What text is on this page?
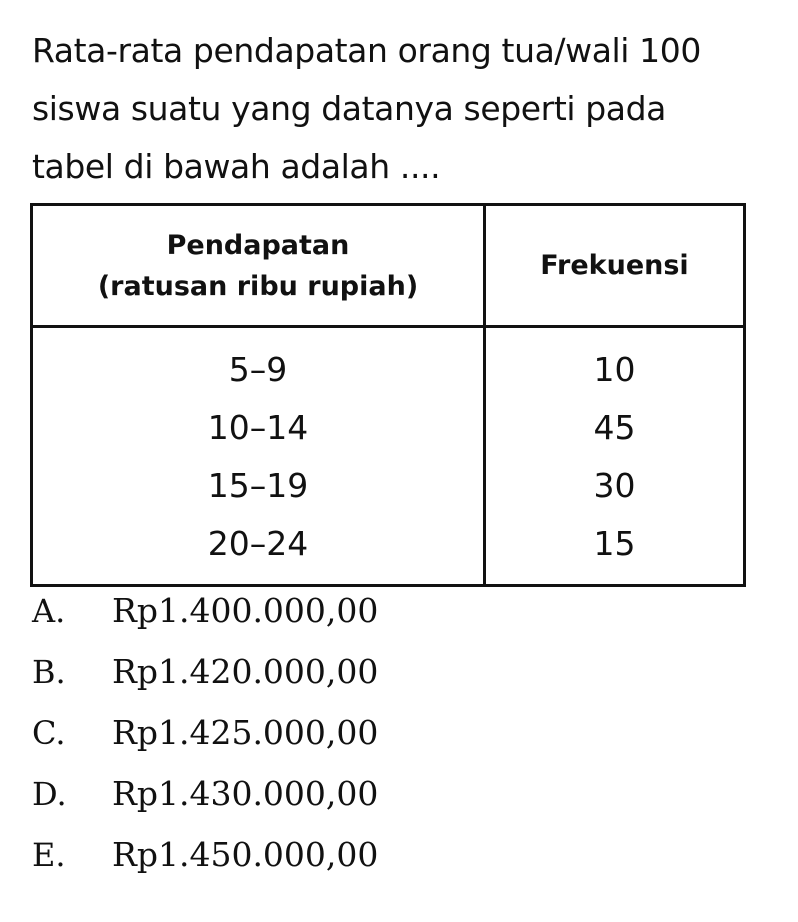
Rata-rata pendapatan orang tua/wali 100
siswa suatu yang datanya seperti pada
tabel di bawah adalah ....
Pendapatan
(ratusan ribu rupiah)	Frekuensi
5–9	10
10–14	45
15–19	30
20–24	15
A.	Rp1.400.000,00
B.	Rp1.420.000,00
C.	Rp1.425.000,00
D.	Rp1.430.000,00
E.	Rp1.450.000,00
